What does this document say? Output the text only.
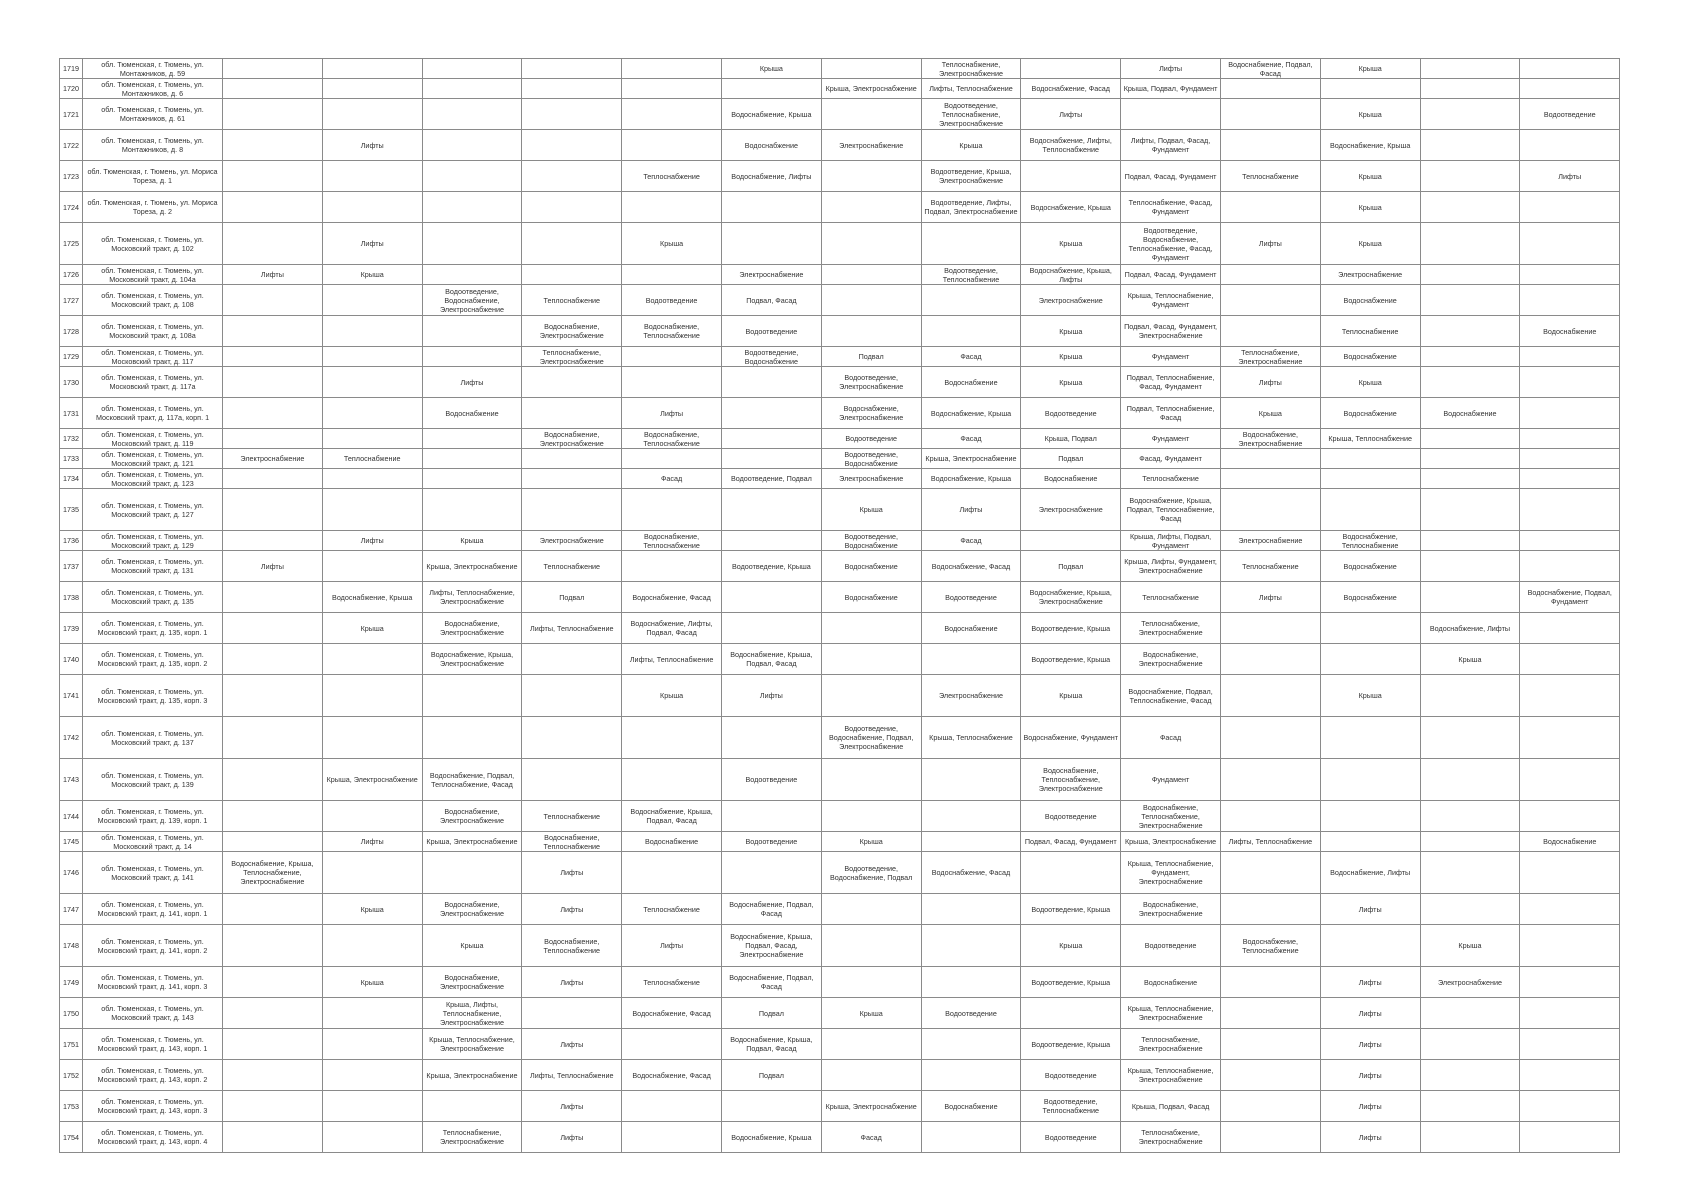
1719	обл. Тюменская, г. Тюмень, ул. Монтажников, д. 59						Крыша		Теплоснабжение, Электроснабжение		Лифты	Водоснабжение, Подвал, Фасад	Крыша		
1720	обл. Тюменская, г. Тюмень, ул. Монтажников, д. 6							Крыша, Электроснабжение	Лифты, Теплоснабжение	Водоснабжение, Фасад	Крыша, Подвал, Фундамент				
1721	обл. Тюменская, г. Тюмень, ул. Монтажников, д. 61						Водоснабжение, Крыша		Водоотведение, Теплоснабжение, Электроснабжение	Лифты			Крыша		Водоотведение
1722	обл. Тюменская, г. Тюмень, ул. Монтажников, д. 8		Лифты				Водоснабжение	Электроснабжение	Крыша	Водоснабжение, Лифты, Теплоснабжение	Лифты, Подвал, Фасад, Фундамент		Водоснабжение, Крыша		
1723	обл. Тюменская, г. Тюмень, ул. Мориса Тореза, д. 1					Теплоснабжение	Водоснабжение, Лифты		Водоотведение, Крыша, Электроснабжение		Подвал, Фасад, Фундамент	Теплоснабжение	Крыша		Лифты
1724	обл. Тюменская, г. Тюмень, ул. Мориса Тореза, д. 2								Водоотведение, Лифты, Подвал, Электроснабжение	Водоснабжение, Крыша	Теплоснабжение, Фасад, Фундамент		Крыша		
1725	обл. Тюменская, г. Тюмень, ул. Московский тракт, д. 102		Лифты			Крыша				Крыша	Водоотведение, Водоснабжение, Теплоснабжение, Фасад, Фундамент	Лифты	Крыша		
1726	обл. Тюменская, г. Тюмень, ул. Московский тракт, д. 104а	Лифты	Крыша				Электроснабжение		Водоотведение, Теплоснабжение	Водоснабжение, Крыша, Лифты	Подвал, Фасад, Фундамент		Электроснабжение		
1727	обл. Тюменская, г. Тюмень, ул. Московский тракт, д. 108			Водоотведение, Водоснабжение, Электроснабжение	Теплоснабжение	Водоотведение	Подвал, Фасад			Электроснабжение	Крыша, Теплоснабжение, Фундамент		Водоснабжение		
1728	обл. Тюменская, г. Тюмень, ул. Московский тракт, д. 108а				Водоснабжение, Электроснабжение	Водоснабжение, Теплоснабжение	Водоотведение			Крыша	Подвал, Фасад, Фундамент, Электроснабжение		Теплоснабжение		Водоснабжение
1729	обл. Тюменская, г. Тюмень, ул. Московский тракт, д. 117				Теплоснабжение, Электроснабжение		Водоотведение, Водоснабжение	Подвал	Фасад	Крыша	Фундамент	Теплоснабжение, Электроснабжение	Водоснабжение		
1730	обл. Тюменская, г. Тюмень, ул. Московский тракт, д. 117а			Лифты				Водоотведение, Электроснабжение	Водоснабжение	Крыша	Подвал, Теплоснабжение, Фасад, Фундамент	Лифты	Крыша		
1731	обл. Тюменская, г. Тюмень, ул. Московский тракт, д. 117а, корп. 1			Водоснабжение		Лифты		Водоснабжение, Электроснабжение	Водоснабжение, Крыша	Водоотведение	Подвал, Теплоснабжение, Фасад	Крыша	Водоснабжение	Водоснабжение	
1732	обл. Тюменская, г. Тюмень, ул. Московский тракт, д. 119				Водоснабжение, Электроснабжение	Водоснабжение, Теплоснабжение		Водоотведение	Фасад	Крыша, Подвал	Фундамент	Водоснабжение, Электроснабжение	Крыша, Теплоснабжение		
1733	обл. Тюменская, г. Тюмень, ул. Московский тракт, д. 121	Электроснабжение	Теплоснабжение					Водоотведение, Водоснабжение	Крыша, Электроснабжение	Подвал	Фасад, Фундамент				
1734	обл. Тюменская, г. Тюмень, ул. Московский тракт, д. 123					Фасад	Водоотведение, Подвал	Электроснабжение	Водоснабжение, Крыша	Водоснабжение	Теплоснабжение				
1735	обл. Тюменская, г. Тюмень, ул. Московский тракт, д. 127							Крыша	Лифты	Электроснабжение	Водоснабжение, Крыша, Подвал, Теплоснабжение, Фасад				
1736	обл. Тюменская, г. Тюмень, ул. Московский тракт, д. 129		Лифты	Крыша	Электроснабжение	Водоснабжение, Теплоснабжение		Водоотведение, Водоснабжение	Фасад		Крыша, Лифты, Подвал, Фундамент	Электроснабжение	Водоснабжение, Теплоснабжение		
1737	обл. Тюменская, г. Тюмень, ул. Московский тракт, д. 131	Лифты		Крыша, Электроснабжение	Теплоснабжение		Водоотведение, Крыша	Водоснабжение	Водоснабжение, Фасад	Подвал	Крыша, Лифты, Фундамент, Электроснабжение	Теплоснабжение	Водоснабжение		
1738	обл. Тюменская, г. Тюмень, ул. Московский тракт, д. 135		Водоснабжение, Крыша	Лифты, Теплоснабжение, Электроснабжение	Подвал	Водоснабжение, Фасад		Водоснабжение	Водоотведение	Водоснабжение, Крыша, Электроснабжение	Теплоснабжение	Лифты	Водоснабжение		Водоснабжение, Подвал, Фундамент
1739	обл. Тюменская, г. Тюмень, ул. Московский тракт, д. 135, корп. 1		Крыша	Водоснабжение, Электроснабжение	Лифты, Теплоснабжение	Водоснабжение, Лифты, Подвал, Фасад			Водоснабжение	Водоотведение, Крыша	Теплоснабжение, Электроснабжение			Водоснабжение, Лифты	
1740	обл. Тюменская, г. Тюмень, ул. Московский тракт, д. 135, корп. 2			Водоснабжение, Крыша, Электроснабжение		Лифты, Теплоснабжение	Водоснабжение, Крыша, Подвал, Фасад			Водоотведение, Крыша	Водоснабжение, Электроснабжение			Крыша	
1741	обл. Тюменская, г. Тюмень, ул. Московский тракт, д. 135, корп. 3					Крыша	Лифты		Электроснабжение	Крыша	Водоснабжение, Подвал, Теплоснабжение, Фасад		Крыша		
1742	обл. Тюменская, г. Тюмень, ул. Московский тракт, д. 137							Водоотведение, Водоснабжение, Подвал, Электроснабжение	Крыша, Теплоснабжение	Водоснабжение, Фундамент	Фасад				
1743	обл. Тюменская, г. Тюмень, ул. Московский тракт, д. 139		Крыша, Электроснабжение	Водоснабжение, Подвал, Теплоснабжение, Фасад			Водоотведение			Водоснабжение, Теплоснабжение, Электроснабжение	Фундамент				
1744	обл. Тюменская, г. Тюмень, ул. Московский тракт, д. 139, корп. 1			Водоснабжение, Электроснабжение	Теплоснабжение	Водоснабжение, Крыша, Подвал, Фасад				Водоотведение	Водоснабжение, Теплоснабжение, Электроснабжение				
1745	обл. Тюменская, г. Тюмень, ул. Московский тракт, д. 14		Лифты	Крыша, Электроснабжение	Водоснабжение, Теплоснабжение	Водоснабжение	Водоотведение	Крыша		Подвал, Фасад, Фундамент	Крыша, Электроснабжение	Лифты, Теплоснабжение			Водоснабжение
1746	обл. Тюменская, г. Тюмень, ул. Московский тракт, д. 141	Водоснабжение, Крыша, Теплоснабжение, Электроснабжение			Лифты			Водоотведение, Водоснабжение, Подвал	Водоснабжение, Фасад		Крыша, Теплоснабжение, Фундамент, Электроснабжение		Водоснабжение, Лифты		
1747	обл. Тюменская, г. Тюмень, ул. Московский тракт, д. 141, корп. 1		Крыша	Водоснабжение, Электроснабжение	Лифты	Теплоснабжение	Водоснабжение, Подвал, Фасад			Водоотведение, Крыша	Водоснабжение, Электроснабжение		Лифты		
1748	обл. Тюменская, г. Тюмень, ул. Московский тракт, д. 141, корп. 2			Крыша	Водоснабжение, Теплоснабжение	Лифты	Водоснабжение, Крыша, Подвал, Фасад, Электроснабжение			Крыша	Водоотведение	Водоснабжение, Теплоснабжение		Крыша	
1749	обл. Тюменская, г. Тюмень, ул. Московский тракт, д. 141, корп. 3		Крыша	Водоснабжение, Электроснабжение	Лифты	Теплоснабжение	Водоснабжение, Подвал, Фасад			Водоотведение, Крыша	Водоснабжение		Лифты	Электроснабжение	
1750	обл. Тюменская, г. Тюмень, ул. Московский тракт, д. 143			Крыша, Лифты, Теплоснабжение, Электроснабжение		Водоснабжение, Фасад	Подвал	Крыша	Водоотведение		Крыша, Теплоснабжение, Электроснабжение		Лифты		
1751	обл. Тюменская, г. Тюмень, ул. Московский тракт, д. 143, корп. 1			Крыша, Теплоснабжение, Электроснабжение	Лифты		Водоснабжение, Крыша, Подвал, Фасад			Водоотведение, Крыша	Теплоснабжение, Электроснабжение		Лифты		
1752	обл. Тюменская, г. Тюмень, ул. Московский тракт, д. 143, корп. 2			Крыша, Электроснабжение	Лифты, Теплоснабжение	Водоснабжение, Фасад	Подвал			Водоотведение	Крыша, Теплоснабжение, Электроснабжение		Лифты		
1753	обл. Тюменская, г. Тюмень, ул. Московский тракт, д. 143, корп. 3				Лифты			Крыша, Электроснабжение	Водоснабжение	Водоотведение, Теплоснабжение	Крыша, Подвал, Фасад		Лифты		
1754	обл. Тюменская, г. Тюмень, ул. Московский тракт, д. 143, корп. 4			Теплоснабжение, Электроснабжение	Лифты		Водоснабжение, Крыша	Фасад		Водоотведение	Теплоснабжение, Электроснабжение		Лифты		
